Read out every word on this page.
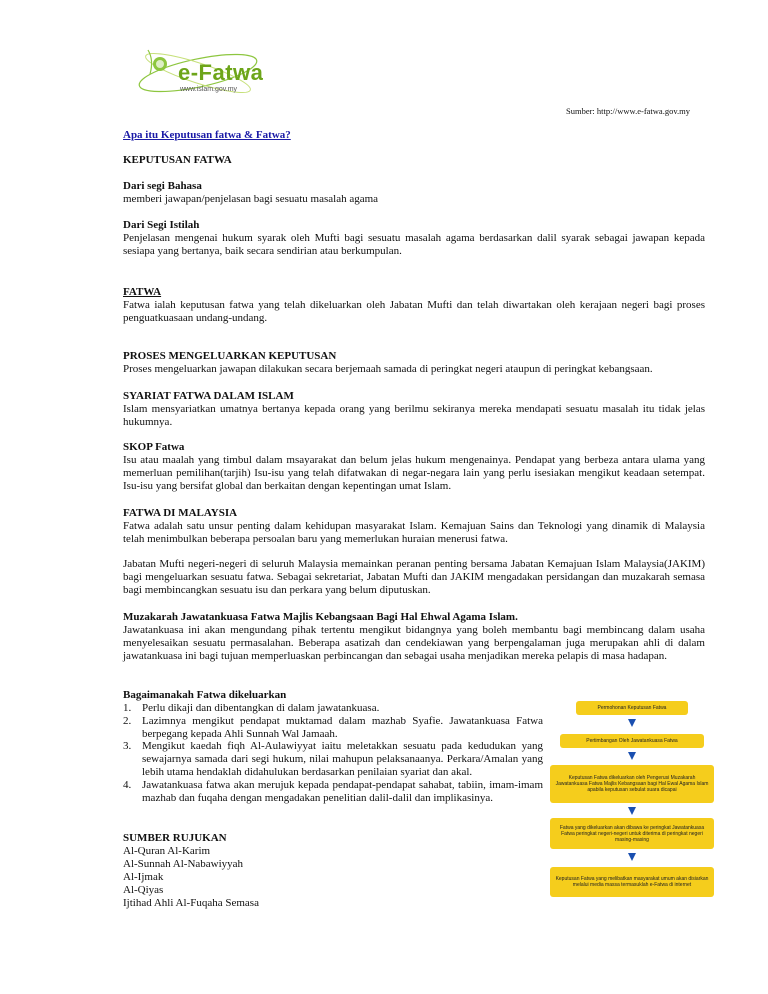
e-Fatwa
www.islam.gov.my
Sumber: http://www.e-fatwa.gov.my
Apa itu Keputusan fatwa & Fatwa?
KEPUTUSAN FATWA
Dari segi Bahasa
memberi jawapan/penjelasan bagi sesuatu masalah agama
Dari Segi Istilah
Penjelasan mengenai hukum syarak oleh Mufti bagi sesuatu masalah agama berdasarkan dalil syarak sebagai jawapan kepada sesiapa yang bertanya, baik secara sendirian atau berkumpulan.
FATWA
Fatwa ialah keputusan fatwa yang telah dikeluarkan oleh Jabatan Mufti dan telah diwartakan oleh kerajaan negeri bagi proses penguatkuasaan undang-undang.
PROSES MENGELUARKAN KEPUTUSAN
Proses mengeluarkan jawapan dilakukan secara berjemaah samada di peringkat negeri ataupun di peringkat kebangsaan.
SYARIAT FATWA DALAM ISLAM
Islam mensyariatkan umatnya bertanya kepada orang yang berilmu sekiranya mereka mendapati sesuatu masalah itu tidak jelas hukumnya.
SKOP Fatwa
Isu atau maalah yang timbul dalam msayarakat dan belum jelas hukum mengenainya. Pendapat yang berbeza antara ulama yang memerluan pemilihan(tarjih) Isu-isu yang telah difatwakan di negar-negara lain yang perlu isesiakan mengikut keadaan setempat. Isu-isu yang bersifat global dan berkaitan dengan kepentingan umat Islam.
FATWA DI MALAYSIA
Fatwa adalah satu unsur penting dalam kehidupan masyarakat Islam. Kemajuan Sains dan Teknologi yang dinamik di Malaysia telah menimbulkan beberapa persoalan baru yang memerlukan huraian menerusi fatwa.
Jabatan Mufti negeri-negeri di seluruh Malaysia memainkan peranan penting bersama Jabatan Kemajuan Islam Malaysia(JAKIM) bagi mengeluarkan sesuatu fatwa. Sebagai sekretariat, Jabatan Mufti dan JAKIM mengadakan persidangan dan muzakarah semasa bagi membincangkan sesuatu isu dan perkara yang belum diputuskan.
Muzakarah Jawatankuasa Fatwa Majlis Kebangsaan Bagi Hal Ehwal Agama Islam.
Jawatankuasa ini akan mengundang pihak tertentu mengikut bidangnya yang boleh membantu bagi membincang dalam usaha menyelesaikan sesuatu permasalahan. Beberapa asatizah dan cendekiawan yang berpengalaman juga merupakan ahli di dalam jawatankuasa ini bagi tujuan memperluaskan perbincangan dan sebagai usaha menjadikan mereka pelapis di masa hadapan.
Bagaimanakah Fatwa dikeluarkan
1. Perlu dikaji dan dibentangkan di dalam jawatankuasa.
2. Lazimnya mengikut pendapat muktamad dalam mazhab Syafie. Jawatankuasa Fatwa berpegang kepada Ahli Sunnah Wal Jamaah.
3. Mengikut kaedah fiqh Al-Aulawiyyat iaitu meletakkan sesuatu pada kedudukan yang sewajarnya samada dari segi hukum, nilai mahupun pelaksanaanya. Perkara/Amalan yang lebih utama hendaklah didahulukan berdasarkan penilaian syariat dan akal.
4. Jawatankuasa fatwa akan merujuk kepada pendapat-pendapat sahabat, tabiin, imam-imam mazhab dan fuqaha dengan mengadakan penelitian dalil-dalil dan implikasinya.
SUMBER RUJUKAN
Al-Quran Al-Karim
Al-Sunnah Al-Nabawiyyah
Al-Ijmak
Al-Qiyas
Ijtihad Ahli Al-Fuqaha Semasa
Permohonan Keputusan Fatwa
Pertimbangan Oleh Jawatankuasa Fatwa
Keputusan Fatwa dikeluarkan oleh Pengerusi Muzakarah Jawatankuasa Fatwa Majlis Kebangsaan bagi Hal Ewal Agama Islam apabila keputusan sebulat suara dicapai
Fatwa yang dikeluarkan akan dibawa ke peringkat Jawatankuasa Fatwa peringkat negeri-negeri untuk diterima di peringkat negeri masing-masing
Keputusan Fatwa yang melibatkan masyarakat umum akan disiarkan melalui media massa termasuklah e-Fatwa di internet
